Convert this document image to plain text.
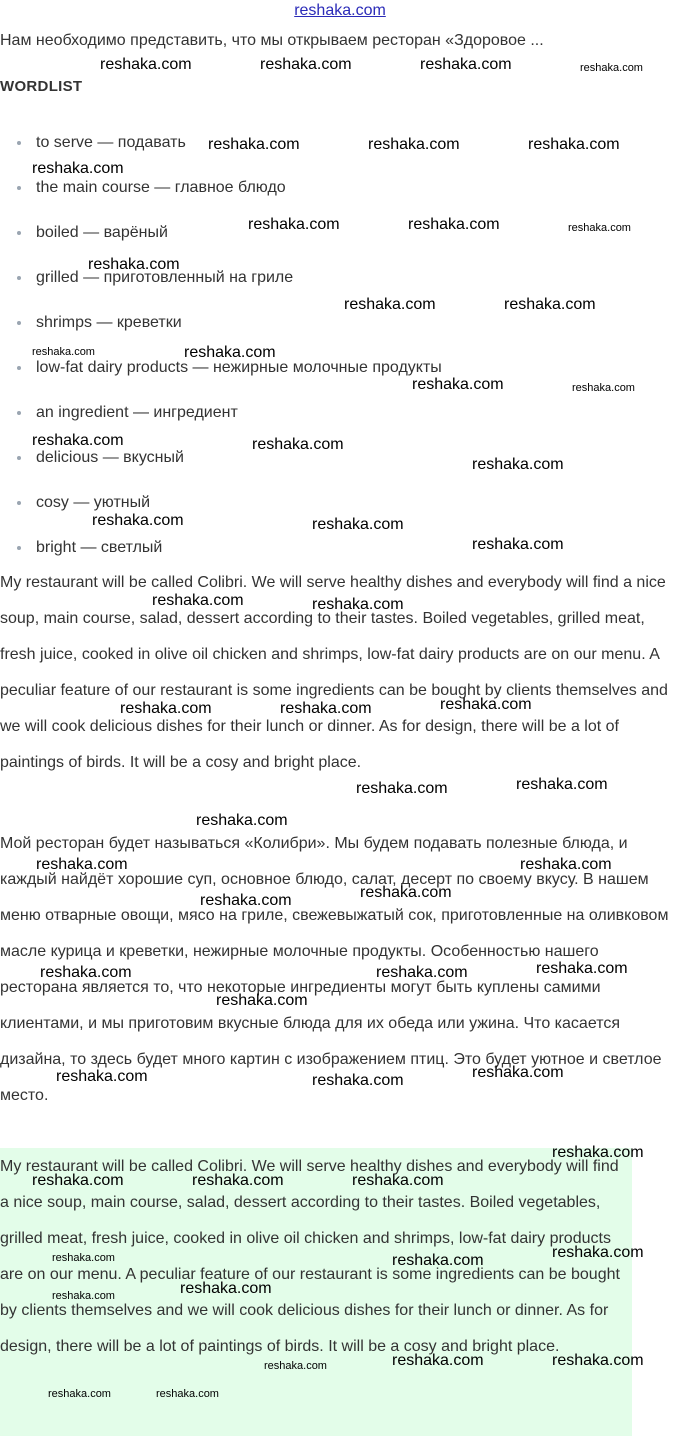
reshaka.com

Нам необходимо представить, что мы открываем ресторан «Здоровое ...

WORDLIST
to serve — подавать
the main course — главное блюдо
boiled — варёный
grilled — приготовленный на гриле
shrimps — креветки
low-fat dairy products — нежирные молочные продукты
an ingredient — ингредиент
delicious — вкусный
cosy — уютный
bright — светлый

My restaurant will be called Colibri. We will serve healthy dishes and everybody will find a nice soup, main course, salad, dessert according to their tastes. Boiled vegetables, grilled meat, fresh juice, cooked in olive oil chicken and shrimps, low-fat dairy products are on our menu. A peculiar feature of our restaurant is some ingredients can be bought by clients themselves and we will cook delicious dishes for their lunch or dinner. As for design, there will be a lot of paintings of birds. It will be a cosy and bright place.

Мой ресторан будет называться «Колибри». Мы будем подавать полезные блюда, и каждый найдёт хорошие суп, основное блюдо, салат, десерт по своему вкусу. В нашем меню отварные овощи, мясо на гриле, свежевыжатый сок, приготовленные на оливковом масле курица и креветки, нежирные молочные продукты. Особенностью нашего ресторана является то, что некоторые ингредиенты могут быть куплены самими клиентами, и мы приготовим вкусные блюда для их обеда или ужина. Что касается дизайна, то здесь будет много картин с изображением птиц. Это будет уютное и светлое место.

My restaurant will be called Colibri. We will serve healthy dishes and everybody will find a nice soup, main course, salad, dessert according to their tastes. Boiled vegetables, grilled meat, fresh juice, cooked in olive oil chicken and shrimps, low-fat dairy products are on our menu. A peculiar feature of our restaurant is some ingredients can be bought by clients themselves and we will cook delicious dishes for their lunch or dinner. As for design, there will be a lot of paintings of birds. It will be a cosy and bright place.

reshaka.com	reshaka.com	reshaka.com	reshaka.com
reshaka.com	reshaka.com	reshaka.com
reshaka.com
reshaka.com	reshaka.com	reshaka.com
reshaka.com
reshaka.com	reshaka.com
reshaka.com	reshaka.com
reshaka.com	reshaka.com
reshaka.com	reshaka.com
reshaka.com
reshaka.com	reshaka.com
reshaka.com
reshaka.com	reshaka.com
reshaka.com
reshaka.com	reshaka.com
reshaka.com
reshaka.com
reshaka.com
reshaka.com	reshaka.com
reshaka.com
reshaka.com
reshaka.com
reshaka.com	reshaka.com
reshaka.com
reshaka.com
reshaka.com	reshaka.com
reshaka.com
reshaka.com	reshaka.com	reshaka.com
reshaka.com
reshaka.com	reshaka.com
reshaka.com
reshaka.com
reshaka.com	reshaka.com
reshaka.com
reshaka.com	reshaka.com
